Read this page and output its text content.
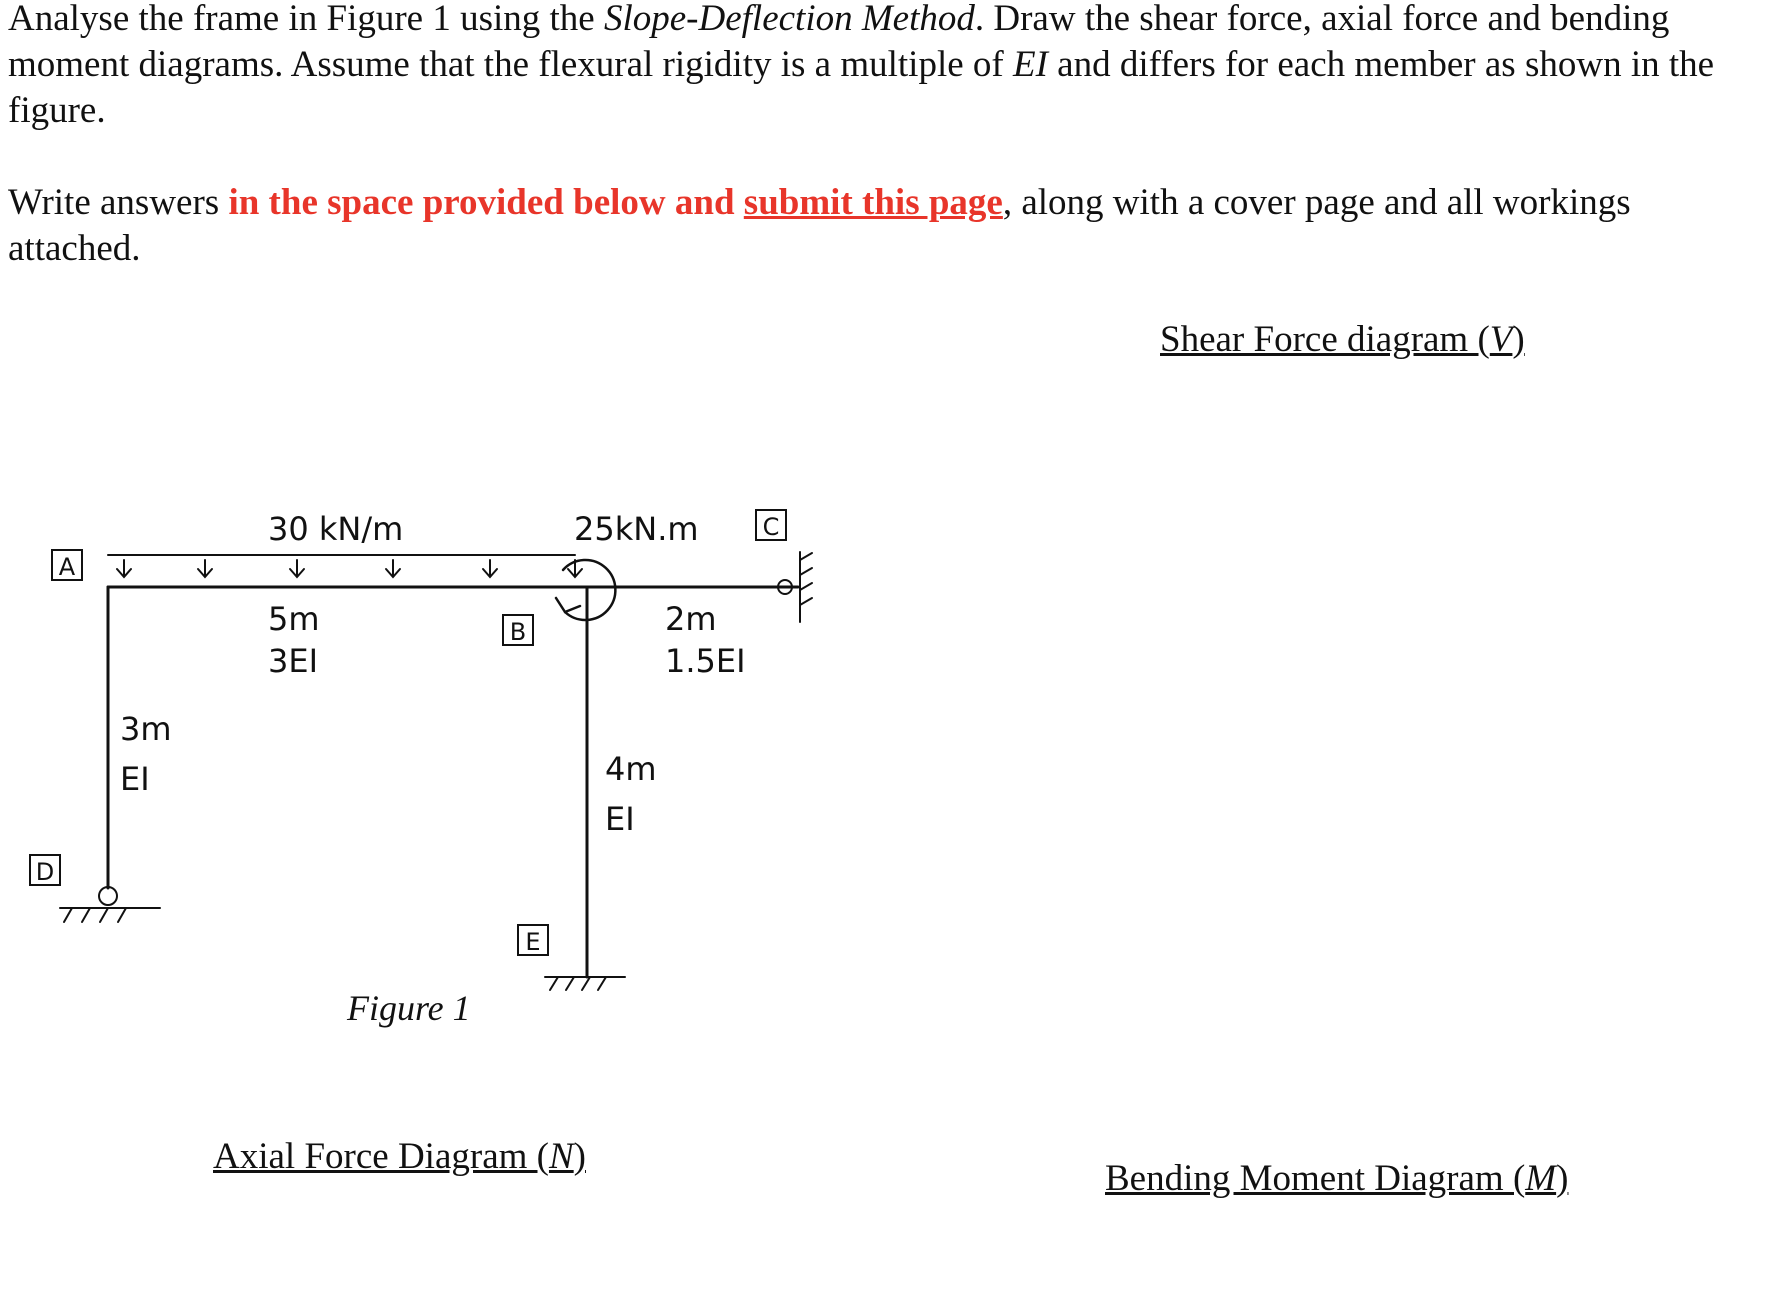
Analyse the frame in Figure 1 using the Slope-Deflection Method. Draw the shear force, axial force and bending moment diagrams. Assume that the flexural rigidity is a multiple of EI and differs for each member as shown in the figure.

Write answers in the space provided below and submit this page, along with a cover page and all workings attached.

Shear Force diagram (V)
Axial Force Diagram (N)
Bending Moment Diagram (M)
A
B
C
D
E
30 kN/m	25kN.m
5m
3EI
2m
1.5EI
3m
EI	4m
EI
Figure 1
